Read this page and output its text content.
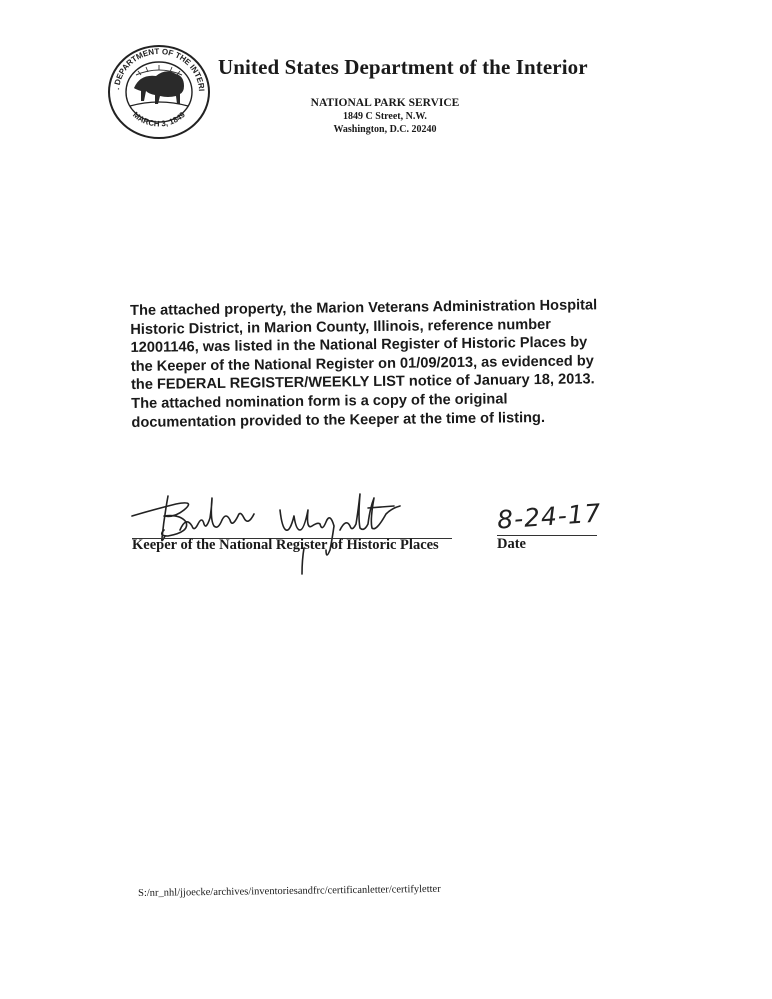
. DEPARTMENT OF THE INTERI
MARCH 3, 1849
United States Department of the Interior
NATIONAL PARK SERVICE
1849 C Street, N.W.
Washington, D.C. 20240
The attached property, the Marion Veterans Administration Hospital Historic District, in Marion County, Illinois, reference number 12001146, was listed in the National Register of Historic Places by the Keeper of the National Register on 01/09/2013, as evidenced by the FEDERAL REGISTER/WEEKLY LIST notice of January 18, 2013. The attached nomination form is a copy of the original documentation provided to the Keeper at the time of listing.
Keeper of the National Register of Historic Places
8-24-17
Date
S:/nr_nhl/jjoecke/archives/inventoriesandfrc/certificanletter/certifyletter
